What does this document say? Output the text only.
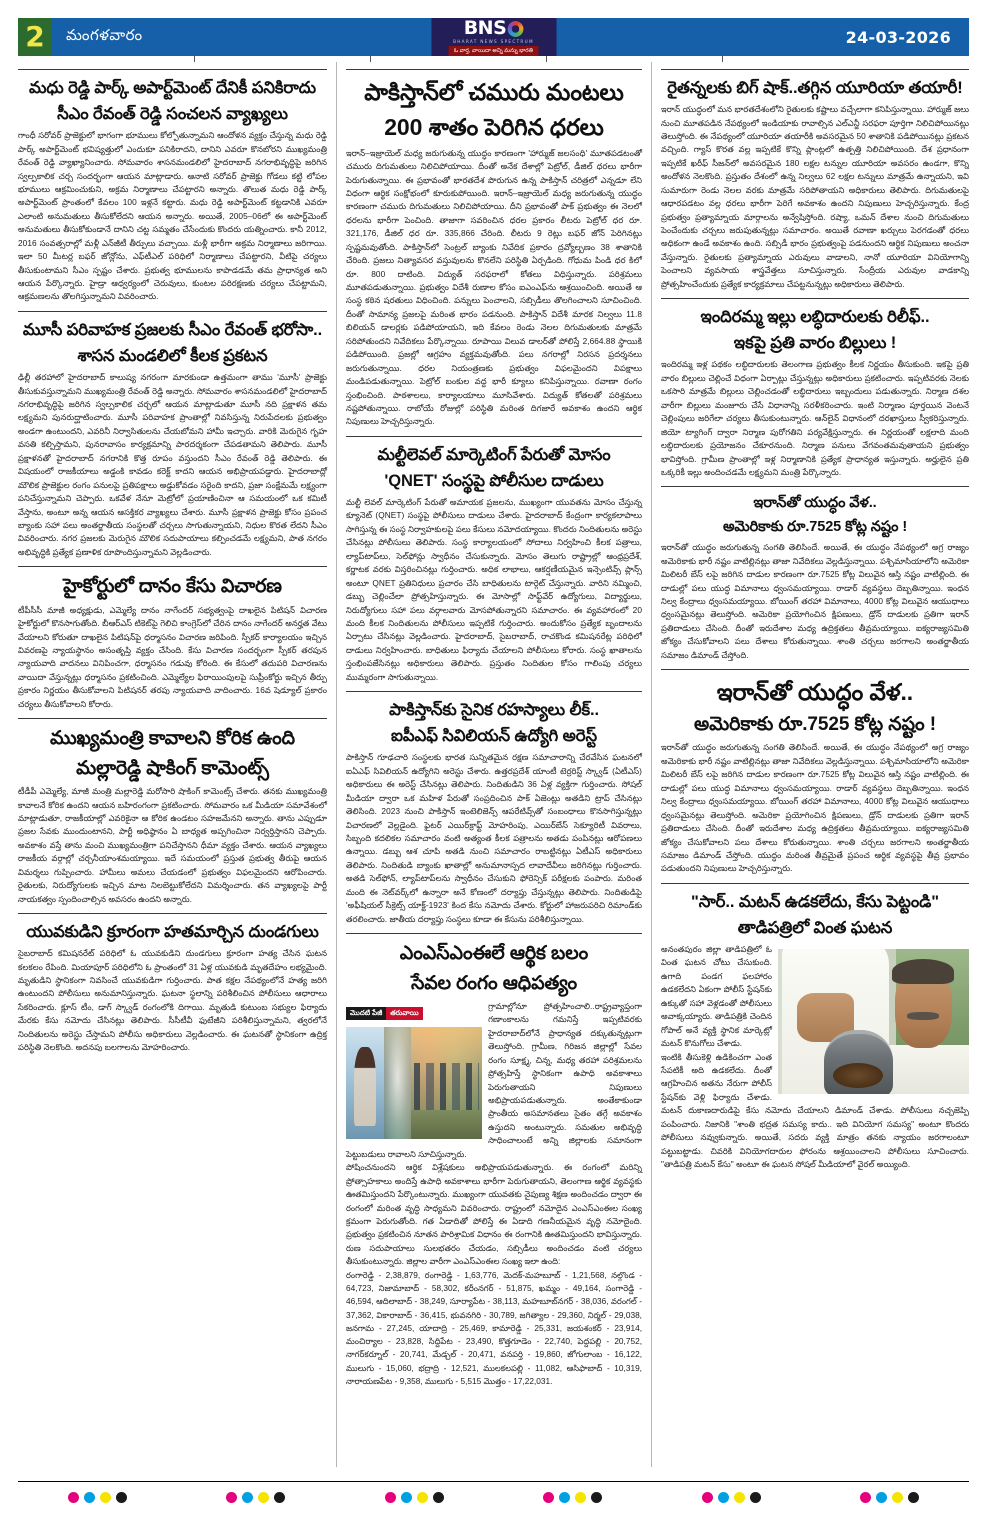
2	మంగళవారం	BNS
BHARAT NEWS SPECTRUM
ఓ వార్త, వాయిదా అన్ని మన్ను భారతి
24-03-2026
మధు రెడ్డి పార్క్ అపార్ట్‌మెంట్ దేనికీ పనికిరాదు
సీఎం రేవంత్ రెడ్డి సంచలన వ్యాఖ్యలు
గాంధీ సరోవర్ ప్రాజెక్టులో భాగంగా భూములు కోల్పోతున్నామని ఆందోళన వ్యక్తం చేస్తున్న మధు రెడ్డి పార్క్ అపార్ట్‌మెంట్ భవిష్యత్తులో ఎందుకూ పనికిరాదని, దానిని ఎవరూ కొనబోరని ముఖ్యమంత్రి రేవంత్ రెడ్డి వ్యాఖ్యానించారు. సోమవారం శాసనమండలిలో హైదరాబాద్ నగరాభివృద్ధిపై జరిగిన స్వల్పకాలిక చర్చ సందర్భంగా ఆయన మాట్లాడారు. ఆనాటి సరోవర్ ప్రాజెక్టు గోడలు కట్టి లోపల భూములు ఆక్రమించుకుని, అక్రమ నిర్మాణాలు చేపట్టారని అన్నారు. తొలుత మధు రెడ్డి పార్క్ అపార్ట్‌మెంట్ ప్రాంతంలో కేవలం 100 ఇళ్లనే కట్టారు. మధు రెడ్డి అపార్ట్‌మెంట్ కట్టడానికి ఎవరూ ఎలాంటి అనుమతులు తీసుకోలేదని ఆయన అన్నారు. అయితే, 2005–06లో ఈ అపార్ట్‌మెంట్ అనుమతులు తీసుకోకుండానే దానిని చట్ట సమ్మతం చేసేందుకు కొందరు యత్నించారు. కానీ 2012, 2016 సంవత్సరాల్లో మళ్లీ ఎన్‌జీటీ తీర్పులు వచ్చాయి. మళ్లీ భారీగా అక్రమ నిర్మాణాలు జరిగాయి. ఇలా 50 మీటర్ల బఫర్ జోన్లోను, ఎఫ్‌టీఎల్ పరిధిలో నిర్మాణాలు చేపట్టారని, వీటిపై చర్యలు తీసుకుంటామని సీఎం స్పష్టం చేశారు. ప్రభుత్వ భూములను కాపాడడమే తమ ప్రాధాన్యత అని ఆయన పేర్కొన్నారు. హైడ్రా ఆధ్వర్యంలో చెరువులు, కుంటల పరిరక్షణకు చర్యలు చేపట్టామని, ఆక్రమణలను తొలగిస్తున్నామని వివరించారు.
మూసీ పరివాహక ప్రజలకు సీఎం రేవంత్ భరోసా..
శాసన మండలిలో కీలక ప్రకటన
ఢిల్లీ తరహాలో హైదరాబాద్ కాలుష్య నగరంగా మారకుండా ఉత్తమంగా తాము 'మూసీ' ప్రాజెక్టు తీసుకువస్తున్నామని ముఖ్యమంత్రి రేవంత్ రెడ్డి అన్నారు. సోమవారం శాసనమండలిలో హైదరాబాద్ నగరాభివృద్ధిపై జరిగిన స్వల్పకాలిక చర్చలో ఆయన మాట్లాడుతూ మూసీ నది ప్రక్షాళన తమ లక్ష్యమని పునరుద్ఘాటించారు. మూసీ పరివాహక ప్రాంతాల్లో నివసిస్తున్న నిరుపేదలకు ప్రభుత్వం అండగా ఉంటుందని, ఎవరినీ నిర్వాసితులను చేయబోమని హామీ ఇచ్చారు. వారికి మెరుగైన గృహ వసతి కల్పిస్తామని, పునరావాసం కార్యక్రమాన్ని పారదర్శకంగా చేపడతామని తెలిపారు. మూసీ ప్రక్షాళనతో హైదరాబాద్ నగరానికి కొత్త రూపం వస్తుందని సీఎం రేవంత్ రెడ్డి తెలిపారు. ఈ విషయంలో రాజకీయాలు అడ్డంకి కావడం కరెక్ట్ కాదని ఆయన అభిప్రాయపడ్డారు. హైదరాబాద్లో మౌలిక ప్రాజెక్టుల రంగం పనులపై ప్రతిపక్షాలు అడ్డుకోవడం సరైంది కాదని, ప్రజా సంక్షేమమే లక్ష్యంగా పనిచేస్తున్నామని చెప్పారు. ఒకవేళ నేనూ మెట్రోలో ప్రయాణించినా ఆ సమయంలో ఒక కమిటీ వేస్తాను, అంటూ అన్న ఆయన ఆసక్తికర వ్యాఖ్యలు చేశారు. మూసీ ప్రక్షాళన ప్రాజెక్టు కోసం ప్రపంచ బ్యాంకు సహా పలు అంతర్జాతీయ సంస్థలతో చర్చలు సాగుతున్నాయని, నిధుల కొరత లేదని సీఎం వివరించారు. నగర ప్రజలకు మెరుగైన మౌలిక సదుపాయాలు కల్పించడమే లక్ష్యమని, పాత నగరం అభివృద్ధికి ప్రత్యేక ప్రణాళిక రూపొందిస్తున్నామని వెల్లడించారు.
హైకోర్టులో దానం కేసు విచారణ
టీపీసీసీ మాజీ అధ్యక్షుడు, ఎమ్మెల్యే దానం నాగేందర్ సభ్యత్వంపై దాఖలైన పిటిషన్ విచారణ హైకోర్టులో కొనసాగుతోంది. బీఆర్ఎస్ టికెట్‌పై గెలిచి కాంగ్రెస్‌లో చేరిన దానం నాగేందర్ అనర్హత వేటు వేయాలని కోరుతూ దాఖలైన పిటిషన్‌పై ధర్మాసనం విచారణ జరిపింది. స్పీకర్ కార్యాలయం ఇచ్చిన వివరణపై న్యాయస్థానం అసంతృప్తి వ్యక్తం చేసింది. కేసు విచారణ సందర్భంగా స్పీకర్ తరపున న్యాయవాది వాదనలు వినిపించగా, ధర్మాసనం గడువు కోరింది. ఈ కేసులో తదుపరి విచారణను వాయిదా వేస్తున్నట్లు ధర్మాసనం ప్రకటించింది. ఎమ్మెల్యేల ఫిరాయింపులపై సుప్రీంకోర్టు ఇచ్చిన తీర్పు ప్రకారం నిర్ణయం తీసుకోవాలని పిటిషనర్ తరపు న్యాయవాది వాదించారు. 16వ షెడ్యూల్ ప్రకారం చర్యలు తీసుకోవాలని కోరారు.
ముఖ్యమంత్రి కావాలని కోరిక ఉంది
మల్లారెడ్డి షాకింగ్ కామెంట్స్
టీడీపీ ఎమ్మెల్యే, మాజీ మంత్రి మల్లారెడ్డి మరోసారి షాకింగ్ కామెంట్స్ చేశారు. తనకు ముఖ్యమంత్రి కావాలనే కోరిక ఉందని ఆయన బహిరంగంగా ప్రకటించారు. సోమవారం ఒక మీడియా సమావేశంలో మాట్లాడుతూ, రాజకీయాల్లో ఎవరికైనా ఆ కోరిక ఉండటం సహజమేనని అన్నారు. తాను ఎప్పుడూ ప్రజల సేవకు ముందుంటానని, పార్టీ అధిష్ఠానం ఏ బాధ్యత అప్పగించినా నిర్వర్తిస్తానని చెప్పారు. అవకాశం వస్తే తాను మంచి ముఖ్యమంత్రిగా పనిచేస్తానని ధీమా వ్యక్తం చేశారు. ఆయన వ్యాఖ్యలు రాజకీయ వర్గాల్లో చర్చనీయాంశమయ్యాయి. ఇదే సమయంలో ప్రస్తుత ప్రభుత్వ తీరుపై ఆయన విమర్శలు గుప్పించారు. హామీలు అమలు చేయడంలో ప్రభుత్వం విఫలమైందని ఆరోపించారు. రైతులకు, నిరుద్యోగులకు ఇచ్చిన మాట నిలబెట్టుకోలేదని విమర్శించారు. తన వ్యాఖ్యలపై పార్టీ నాయకత్వం స్పందించాల్సిన అవసరం ఉందని అన్నారు.
యువకుడిని క్రూరంగా హతమార్చిన దుండగులు
సైబరాబాద్ కమిషనరేట్ పరిధిలో ఓ యువకుడిని దుండగులు క్రూరంగా హత్య చేసిన ఘటన కలకలం రేపింది. మియాపూర్ పరిధిలోని ఓ ప్రాంతంలో 31 ఏళ్ల యువకుడి మృతదేహం లభ్యమైంది. మృతుడిని స్థానికంగా నివసించే యువకుడిగా గుర్తించారు. పాత కక్షల నేపథ్యంలోనే హత్య జరిగి ఉంటుందని పోలీసులు అనుమానిస్తున్నారు. ఘటనా స్థలాన్ని పరిశీలించిన పోలీసులు ఆధారాలు సేకరించారు. క్లూస్ టీం, డాగ్ స్క్వాడ్ రంగంలోకి దిగాయి. మృతుడి కుటుంబ సభ్యుల ఫిర్యాదు మేరకు కేసు నమోదు చేసినట్లు తెలిపారు. సీసీటీవీ ఫుటేజీని పరిశీలిస్తున్నామని, త్వరలోనే నిందితులను అరెస్టు చేస్తామని పోలీసు అధికారులు వెల్లడించారు. ఈ ఘటనతో స్థానికంగా ఉద్రిక్త పరిస్థితి నెలకొంది. అదనపు బలగాలను మోహరించారు.
పాకిస్తాన్‌లో చమురు మంటలు
200 శాతం పెరిగిన ధరలు
ఇరాన్–ఇజ్రాయెల్ మధ్య జరుగుతున్న యుద్ధం కారణంగా 'హార్ముజ్ జలసంధి' మూతపడటంతో చమురు దిగుమతులు నిలిచిపోయాయి. దీంతో అనేక దేశాల్లో పెట్రోల్, డీజిల్ ధరలు భారీగా పెరుగుతున్నాయి. ఈ ప్రభావంతో భారతదేశ పొరుగున ఉన్న పాకిస్తాన్ చరిత్రలో ఎన్నడూ లేని విధంగా ఆర్థిక సంక్షోభంలో కూరుకుపోయింది. ఇరాన్–ఇజ్రాయెల్ మధ్య జరుగుతున్న యుద్ధం కారణంగా చమురు దిగుమతులు నిలిచిపోయాయి. దీని ప్రభావంతో పాక్ ప్రభుత్వం ఈ నెలలో ధరలను భారీగా పెంచింది. తాజాగా సవరించిన ధరల ప్రకారం లీటరు పెట్రోల్ ధర రూ. 321,176, డీజిల్ ధర రూ. 335,866 చేరింది. లీటరు 9 రెట్లు బఫర్ జోన్ పెరిగినట్లు స్పష్టమవుతోంది. పాకిస్తాన్‌లో సెంట్రల్ బ్యాంకు నివేదిక ప్రకారం ద్రవ్యోల్బణం 38 శాతానికి చేరింది. ప్రజలు నిత్యావసర వస్తువులను కొనలేని పరిస్థితి ఏర్పడింది. గోధుమ పిండి ధర కిలో రూ. 800 దాటింది. విద్యుత్ సరఫరాలో కోతలు విధిస్తున్నారు. పరిశ్రమలు మూతపడుతున్నాయి. ప్రభుత్వం విదేశీ రుణాల కోసం ఐఎంఎఫ్‌ను ఆశ్రయించింది. అయితే ఆ సంస్థ కఠిన షరతులు విధించింది. పన్నులు పెంచాలని, సబ్సిడీలు తొలగించాలని సూచించింది. దీంతో సామాన్య ప్రజలపై మరింత భారం పడనుంది. పాకిస్తాన్ విదేశీ మారక నిల్వలు 11.8 బిలియన్ డాలర్లకు పడిపోయాయని, ఇది కేవలం రెండు నెలల దిగుమతులకు మాత్రమే సరిపోతుందని నివేదికలు పేర్కొన్నాయి. రూపాయి విలువ డాలర్‌తో పోలిస్తే 2,664.88 స్థాయికి పడిపోయింది. ప్రజల్లో ఆగ్రహం వ్యక్తమవుతోంది. పలు నగరాల్లో నిరసన ప్రదర్శనలు జరుగుతున్నాయి. ధరల నియంత్రణకు ప్రభుత్వం విఫలమైందని విపక్షాలు మండిపడుతున్నాయి. పెట్రోల్ బంకుల వద్ద భారీ క్యూలు కనిపిస్తున్నాయి. రవాణా రంగం స్తంభించింది. పాఠశాలలు, కార్యాలయాలు మూసివేశారు. విద్యుత్ కోతలతో పరిశ్రమలు నష్టపోతున్నాయి. రాబోయే రోజుల్లో పరిస్థితి మరింత దిగజారే అవకాశం ఉందని ఆర్థిక నిపుణులు హెచ్చరిస్తున్నారు.
మల్టీలెవల్ మార్కెటింగ్ పేరుతో మోసం
'QNET' సంస్థపై పోలీసుల దాడులు
మల్టీ లెవల్ మార్కెటింగ్ పేరుతో అమాయక ప్రజలను, ముఖ్యంగా యువతను మోసం చేస్తున్న క్యూనెట్ (QNET) సంస్థపై పోలీసులు దాడులు చేశారు. హైదరాబాద్ కేంద్రంగా కార్యకలాపాలు సాగిస్తున్న ఈ సంస్థ నిర్వాహకులపై పలు కేసులు నమోదయ్యాయి. కొందరు నిందితులను అరెస్టు చేసినట్లు పోలీసులు తెలిపారు. సంస్థ కార్యాలయంలో సోదాలు నిర్వహించి కీలక పత్రాలు, ల్యాప్‌టాప్‌లు, సెల్‌ఫోన్లు స్వాధీనం చేసుకున్నారు. మోసం తెలుగు రాష్ట్రాల్లో ఆంధ్రప్రదేశ్, కర్ణాటక వరకు విస్తరించినట్లు గుర్తించారు. అధిక లాభాలు, ఆకర్షణీయమైన ఇన్సెంటివ్స్ ప్లాన్స్ అంటూ QNET ప్రతినిధులు ప్రచారం చేసి బాధితులను టార్గెట్ చేస్తున్నారు. వారిని నమ్మించి, డబ్బు చెల్లించేలా ప్రోత్సహిస్తున్నారు. ఈ మోసాల్లో సాఫ్ట్‌వేర్ ఉద్యోగులు, విద్యార్థులు, నిరుద్యోగులు సహా పలు వర్గాలవారు మోసపోతున్నారని సమాచారం. ఈ వ్యవహారంలో 20 మంది కీలక నిందితులను పోలీసులు ఇప్పటికే గుర్తించారు. అందుకోసం ప్రత్యేక బృందాలను ఏర్పాటు చేసినట్లు వెల్లడించారు. హైదరాబాద్, సైబరాబాద్, రాచకొండ కమిషనరేట్ల పరిధిలో దాడులు నిర్వహించారు. బాధితులు ఫిర్యాదు చేయాలని పోలీసులు కోరారు. సంస్థ ఖాతాలను స్తంభింపజేసినట్లు అధికారులు తెలిపారు. ప్రస్తుతం నిందితుల కోసం గాలింపు చర్యలు ముమ్మరంగా సాగుతున్నాయి.
పాకిస్తాన్‌కు సైనిక రహస్యాలు లీక్..
ఐపీఎఫ్ సివిలియన్ ఉద్యోగి అరెస్ట్
పాకిస్తాన్ గూఢచారి సంస్థలకు భారత సున్నితమైన రక్షణ సమాచారాన్ని చేరవేసిన ఘటనలో ఐఏఎఫ్ సివిలియన్ ఉద్యోగిని అరెస్టు చేశారు. ఉత్తరప్రదేశ్ యాంటీ టెర్రరిస్ట్ స్క్వాడ్ (ఏటీఎస్) అధికారులు ఈ అరెస్ట్ చేసినట్లు తెలిపారు. నిందితుడిని 36 ఏళ్ల వ్యక్తిగా గుర్తించారు. సోషల్ మీడియా ద్వారా ఒక మహిళ పేరుతో సంప్రదించిన పాక్ ఏజెంట్లు అతడిని ట్రాప్ చేసినట్లు తెలిసింది. 2023 నుంచి పాకిస్తాన్ ఇంటెలిజెన్స్ ఆపరేటివ్స్‌తో సంబంధాలు కొనసాగిస్తున్నట్లు విచారణలో వెల్లడైంది. ఫైటర్ ఎయిర్‌క్రాఫ్ట్ మోహరింపు, ఎయిర్‌బేస్ సెక్యూరిటీ వివరాలు, సిబ్బంది కదలికల సమాచారం వంటి అత్యంత కీలక పత్రాలను అతడు పంపినట్లు ఆరోపణలు ఉన్నాయి. డబ్బు ఆశ చూపి అతడి నుంచి సమాచారం రాబట్టినట్లు ఏటీఎస్ అధికారులు తెలిపారు. నిందితుడి బ్యాంకు ఖాతాల్లో అనుమానాస్పద లావాదేవీలు జరిగినట్లు గుర్తించారు. అతడి సెల్‌ఫోన్, ల్యాప్‌టాప్‌లను స్వాధీనం చేసుకుని ఫోరెన్సిక్ పరీక్షలకు పంపారు. మరింత మంది ఈ నెట్‌వర్క్‌లో ఉన్నారా అనే కోణంలో దర్యాప్తు చేస్తున్నట్లు తెలిపారు. నిందితుడిపై 'అఫీషియల్ సీక్రెట్స్ యాక్ట్-1923' కింద కేసు నమోదు చేశారు. కోర్టులో హాజరుపరిచి రిమాండ్‌కు తరలించారు. జాతీయ దర్యాప్తు సంస్థలు కూడా ఈ కేసును పరిశీలిస్తున్నాయి.
ఎంఎస్ఎంఈలే ఆర్థిక బలం
సేవల రంగం ఆధిపత్యం
మొదటి పేజీ	తరువాయి
గ్రామాల్లోనూ ప్రోత్సహించాలి..రాష్ట్రవ్యాప్తంగా గణాంకాలను గమనిస్తే ఇప్పటివరకు హైదరాబాద్‌లోనే ప్రాధాన్యత దక్కుతున్నట్లుగా తెలుస్తోంది. గ్రామీణ, గిరిజన జిల్లాల్లో సేవల రంగం సూక్ష్మ, చిన్న, మధ్య తరహా పరిశ్రమలను ప్రోత్సహిస్తే స్థానికంగా ఉపాధి అవకాశాలు పెరుగుతాయని నిపుణులు అభిప్రాయపడుతున్నారు. అంతేకాకుండా ప్రాంతీయ అసమానతలు సైతం తగ్గే అవకాశం ఉస్తుదని అంటున్నారు. సమతుల అభివృద్ధి సాధించాలంటే అన్ని జిల్లాలకు సమానంగా పెట్టుబడులు రావాలని సూచిస్తున్నారు.
పోషించనుందని ఆర్థిక విశ్లేషకులు అభిప్రాయపడుతున్నారు. ఈ రంగంలో మరిన్ని ప్రోత్సాహకాలు అందిస్తే ఉపాధి అవకాశాలు భారీగా పెరుగుతాయని, తెలంగాణ ఆర్థిక వ్యవస్థకు ఊతమిస్తుందని పేర్కొంటున్నారు. ముఖ్యంగా యువతకు నైపుణ్య శిక్షణ అందించడం ద్వారా ఈ రంగంలో మరింత వృద్ధి సాధ్యమని వివరించారు. రాష్ట్రంలో నమోదైన ఎంఎస్ఎంఈల సంఖ్య క్రమంగా పెరుగుతోంది. గత ఏడాదితో పోలిస్తే ఈ ఏడాది గణనీయమైన వృద్ధి నమోదైంది. ప్రభుత్వం ప్రకటించిన నూతన పారిశ్రామిక విధానం ఈ రంగానికి ఊతమిస్తుందని భావిస్తున్నారు. రుణ సదుపాయాలు సులభతరం చేయడం, సబ్సిడీలు అందించడం వంటి చర్యలు తీసుకుంటున్నారు. జిల్లాల వారీగా ఎంఎస్ఎంఈల సంఖ్య ఇలా ఉంది:
రంగారెడ్డి - 2,38,879, రంగారెడ్డి - 1,63,776, మెదక్-మహబూబ్ - 1,21,568, నల్గొండ - 64,723, నిజామాబాద్ - 58,302, కరీంనగర్ - 51,875, ఖమ్మం - 49,164, సంగారెడ్డి - 46,594, ఆదిలాబాద్ - 38,249, సూర్యాపేట - 38,113, మహబూబ్‌నగర్ - 38,036, వరంగల్ - 37,362, వికారాబాద్ - 36,415, భువనగిరి - 30,789, జగిత్యాల - 29,360, నిర్మల్ - 29,038, జనగామ - 27,245, యాదాద్రి - 25,469, కామారెడ్డి - 25,331, జయశంకర్ - 23,914, మంచిర్యాల - 23,828, సిద్దిపేట - 23,490, కొత్తగూడెం - 22,740, పెద్దపల్లి - 20,752, నాగర్‌కర్నూల్ - 20,741, మేడ్చల్ - 20,471, వనపర్తి - 19,860, జోగులాంబ - 16,122, ములుగు - 15,060, భద్రాద్రి - 12,521, ములకలపల్లి - 11,082, ఆసిఫాబాద్ - 10,319, నారాయణపేట - 9,358, ములుగు - 5,515 మొత్తం - 17,22,031.
రైతన్నలకు బిగ్ షాక్..తగ్గిన యూరియా తయారీ!
ఇరాన్ యుద్ధంలో మన భారతదేశంలోని రైతులకు కష్టాలు వచ్చేలాగా కనిపిస్తున్నాయి. హార్ముజ్ జలు నుంచి మూతపడిన నేపథ్యంలో ఇండియాకు రావాల్సిన ఎల్ఎన్జీ సరఫరా పూర్తిగా నిలిచిపోయినట్లు తెలుస్తోంది. ఈ నేపథ్యంలో యూరియా తయారీకి అవసరమైన 50 శాతానికి పడిపోయినట్లు ప్రకటన వచ్చింది. గ్యాస్ కొరత వల్ల ఇప్పటికే కొన్ని ప్లాంట్లలో ఉత్పత్తి నిలిచిపోయింది. దేశ ప్రధానంగా ఇప్పటికే ఖరీఫ్ సీజన్‌లో అవసరమైన 180 లక్షల టన్నుల యూరియా అవసరం ఉండగా, కొన్ని అందోళన నెలకొంది. ప్రస్తుతం దేశంలో ఉన్న నిల్వలు 62 లక్షల టన్నులు మాత్రమే ఉన్నాయని, ఇవి సుమారుగా రెండు నెలల వరకు మాత్రమే సరిపోతాయని అధికారులు తెలిపారు. దిగుమతులపై ఆధారపడటం వల్ల ధరలు భారీగా పెరిగే అవకాశం ఉందని నిపుణులు హెచ్చరిస్తున్నారు. కేంద్ర ప్రభుత్వం ప్రత్యామ్నాయ మార్గాలను అన్వేషిస్తోంది. రష్యా, ఒమన్ దేశాల నుంచి దిగుమతులు పెంచేందుకు చర్చలు జరుపుతున్నట్లు సమాచారం. అయితే రవాణా ఖర్చులు పెరగడంతో ధరలు అధికంగా ఉండే అవకాశం ఉంది. సబ్సిడీ భారం ప్రభుత్వంపై పడనుందని ఆర్థిక నిపుణులు అంచనా వేస్తున్నారు. రైతులకు ప్రత్యామ్నాయ ఎరువులు వాడాలని, నానో యూరియా వినియోగాన్ని పెంచాలని వ్యవసాయ శాస్త్రవేత్తలు సూచిస్తున్నారు. సేంద్రీయ ఎరువుల వాడకాన్ని ప్రోత్సహించేందుకు ప్రత్యేక కార్యక్రమాలు చేపట్టనున్నట్లు అధికారులు తెలిపారు.
ఇందిరమ్మ ఇల్లు లబ్ధిదారులకు రిలీఫ్..
ఇకపై ప్రతి వారం బిల్లులు !
ఇందిరమ్మ ఇళ్ల పథకం లబ్ధిదారులకు తెలంగాణ ప్రభుత్వం కీలక నిర్ణయం తీసుకుంది. ఇకపై ప్రతి వారం బిల్లులు చెల్లించే విధంగా ఏర్పాట్లు చేస్తున్నట్లు అధికారులు ప్రకటించారు. ఇప్పటివరకు నెలకు ఒకసారి మాత్రమే బిల్లులు చెల్లించడంతో లబ్ధిదారులు ఇబ్బందులు పడుతున్నారు. నిర్మాణ దశల వారీగా బిల్లులు మంజూరు చేసే విధానాన్ని సరళీకరించారు. ఇంటి నిర్మాణం పూర్తయిన వెంటనే చెల్లింపులు జరిగేలా చర్యలు తీసుకుంటున్నారు. ఆన్‌లైన్ విధానంలో దరఖాస్తులు స్వీకరిస్తున్నారు. జియో ట్యాగింగ్ ద్వారా నిర్మాణ పురోగతిని పర్యవేక్షిస్తున్నారు. ఈ నిర్ణయంతో లక్షలాది మంది లబ్ధిదారులకు ప్రయోజనం చేకూరనుంది. నిర్మాణ పనులు వేగవంతమవుతాయని ప్రభుత్వం భావిస్తోంది. గ్రామీణ ప్రాంతాల్లో ఇళ్ల నిర్మాణానికి ప్రత్యేక ప్రాధాన్యత ఇస్తున్నారు. అర్హులైన ప్రతి ఒక్కరికీ ఇల్లు అందించడమే లక్ష్యమని మంత్రి పేర్కొన్నారు.
ఇరాన్‌తో యుద్ధం వేళ..
అమెరికాకు రూ.7525 కోట్ల నష్టం !
ఇరాన్‌తో యుద్ధం జరుగుతున్న సంగతి తెలిసిందే. అయితే, ఈ యుద్ధం నేపథ్యంలో అగ్ర రాజ్యం అమెరికాకు భారీ నష్టం వాటిల్లినట్లు తాజా నివేదికలు వెల్లడిస్తున్నాయి. పశ్చిమాసియాలోని అమెరికా మిలిటరీ బేస్ లపై జరిగిన దాడుల కారణంగా రూ.7525 కోట్ల విలువైన ఆస్తి నష్టం వాటిల్లింది. ఈ దాడుల్లో పలు యుద్ధ విమానాలు ధ్వంసమయ్యాయి. రాడార్ వ్యవస్థలు దెబ్బతిన్నాయి. ఇంధన నిల్వ కేంద్రాలు ధ్వంసమయ్యాయి. బోయింగ్ తరహా విమానాలు, 4000 కోట్ల విలువైన ఆయుధాలు ధ్వంసమైనట్లు తెలుస్తోంది. అమెరికా ప్రయోగించిన క్షిపణులు, డ్రోన్ దాడులకు ప్రతిగా ఇరాన్ ప్రతిదాడులు చేసింది. దీంతో ఇరుదేశాల మధ్య ఉద్రిక్తతలు తీవ్రమయ్యాయి. ఐక్యరాజ్యసమితి జోక్యం చేసుకోవాలని పలు దేశాలు కోరుతున్నాయి. శాంతి చర్చలు జరగాలని అంతర్జాతీయ సమాజం డిమాండ్ చేస్తోంది.
ఇరాన్‌తో యుద్ధం వేళ..
అమెరికాకు రూ.7525 కోట్ల నష్టం !
ఇరాన్‌తో యుద్ధం జరుగుతున్న సంగతి తెలిసిందే. అయితే, ఈ యుద్ధం నేపథ్యంలో అగ్ర రాజ్యం అమెరికాకు భారీ నష్టం వాటిల్లినట్లు తాజా నివేదికలు వెల్లడిస్తున్నాయి. పశ్చిమాసియాలోని అమెరికా మిలిటరీ బేస్ లపై జరిగిన దాడుల కారణంగా రూ.7525 కోట్ల విలువైన ఆస్తి నష్టం వాటిల్లింది. ఈ దాడుల్లో పలు యుద్ధ విమానాలు ధ్వంసమయ్యాయి. రాడార్ వ్యవస్థలు దెబ్బతిన్నాయి. ఇంధన నిల్వ కేంద్రాలు ధ్వంసమయ్యాయి. బోయింగ్ తరహా విమానాలు, 4000 కోట్ల విలువైన ఆయుధాలు ధ్వంసమైనట్లు తెలుస్తోంది. అమెరికా ప్రయోగించిన క్షిపణులు, డ్రోన్ దాడులకు ప్రతిగా ఇరాన్ ప్రతిదాడులు చేసింది. దీంతో ఇరుదేశాల మధ్య ఉద్రిక్తతలు తీవ్రమయ్యాయి. ఐక్యరాజ్యసమితి జోక్యం చేసుకోవాలని పలు దేశాలు కోరుతున్నాయి. శాంతి చర్చలు జరగాలని అంతర్జాతీయ సమాజం డిమాండ్ చేస్తోంది. యుద్ధం మరింత తీవ్రమైతే ప్రపంచ ఆర్థిక వ్యవస్థపై తీవ్ర ప్రభావం పడుతుందని నిపుణులు హెచ్చరిస్తున్నారు.
"సార్.. మటన్ ఉడకలేదు, కేసు పెట్టండి"
తాడిపత్రిలో వింత ఘటన
అనంతపురం జిల్లా తాడిపత్రిలో ఓ వింత ఘటన చోటు చేసుకుంది. ఉగాది పండగ ఫలహారం ఉడకలేదని ఏకంగా పోలీస్ స్టేషన్‌కు ఉక్కుతో సహా వెళ్లడంతో పోలీసులు అవాక్కయ్యారు. తాడిపత్రికి చెందిన గోపాల్ అనే వ్యక్తి స్థానిక మార్కెట్లో మటన్ కొనుగోలు చేశాడు.
ఇంటికి తీసుకెళ్లి ఉడికించగా ఎంత సేపటికీ అది ఉడకలేదు. దీంతో ఆగ్రహించిన అతను నేరుగా పోలీస్ స్టేషన్‌కు వెళ్లి ఫిర్యాదు చేశాడు. మటన్ దుకాణదారుడిపై కేసు నమోదు చేయాలని డిమాండ్ చేశాడు. పోలీసులు నచ్చజెప్పి పంపించారు. నిజానికి "శాంతి భద్రత సమస్య కాదు.. ఇది వినియోగ సమస్య" అంటూ కొందరు పోలీసులు నవ్వుకున్నారు. అయితే, సదరు వ్యక్తి మాత్రం తనకు న్యాయం జరగాలంటూ పట్టుబట్టాడు. చివరికి వినియోగదారుల ఫోరంను ఆశ్రయించాలని పోలీసులు సూచించారు. "తాడిపత్రి మటన్ కేసు" అంటూ ఈ ఘటన సోషల్ మీడియాలో వైరల్ అయ్యింది.
